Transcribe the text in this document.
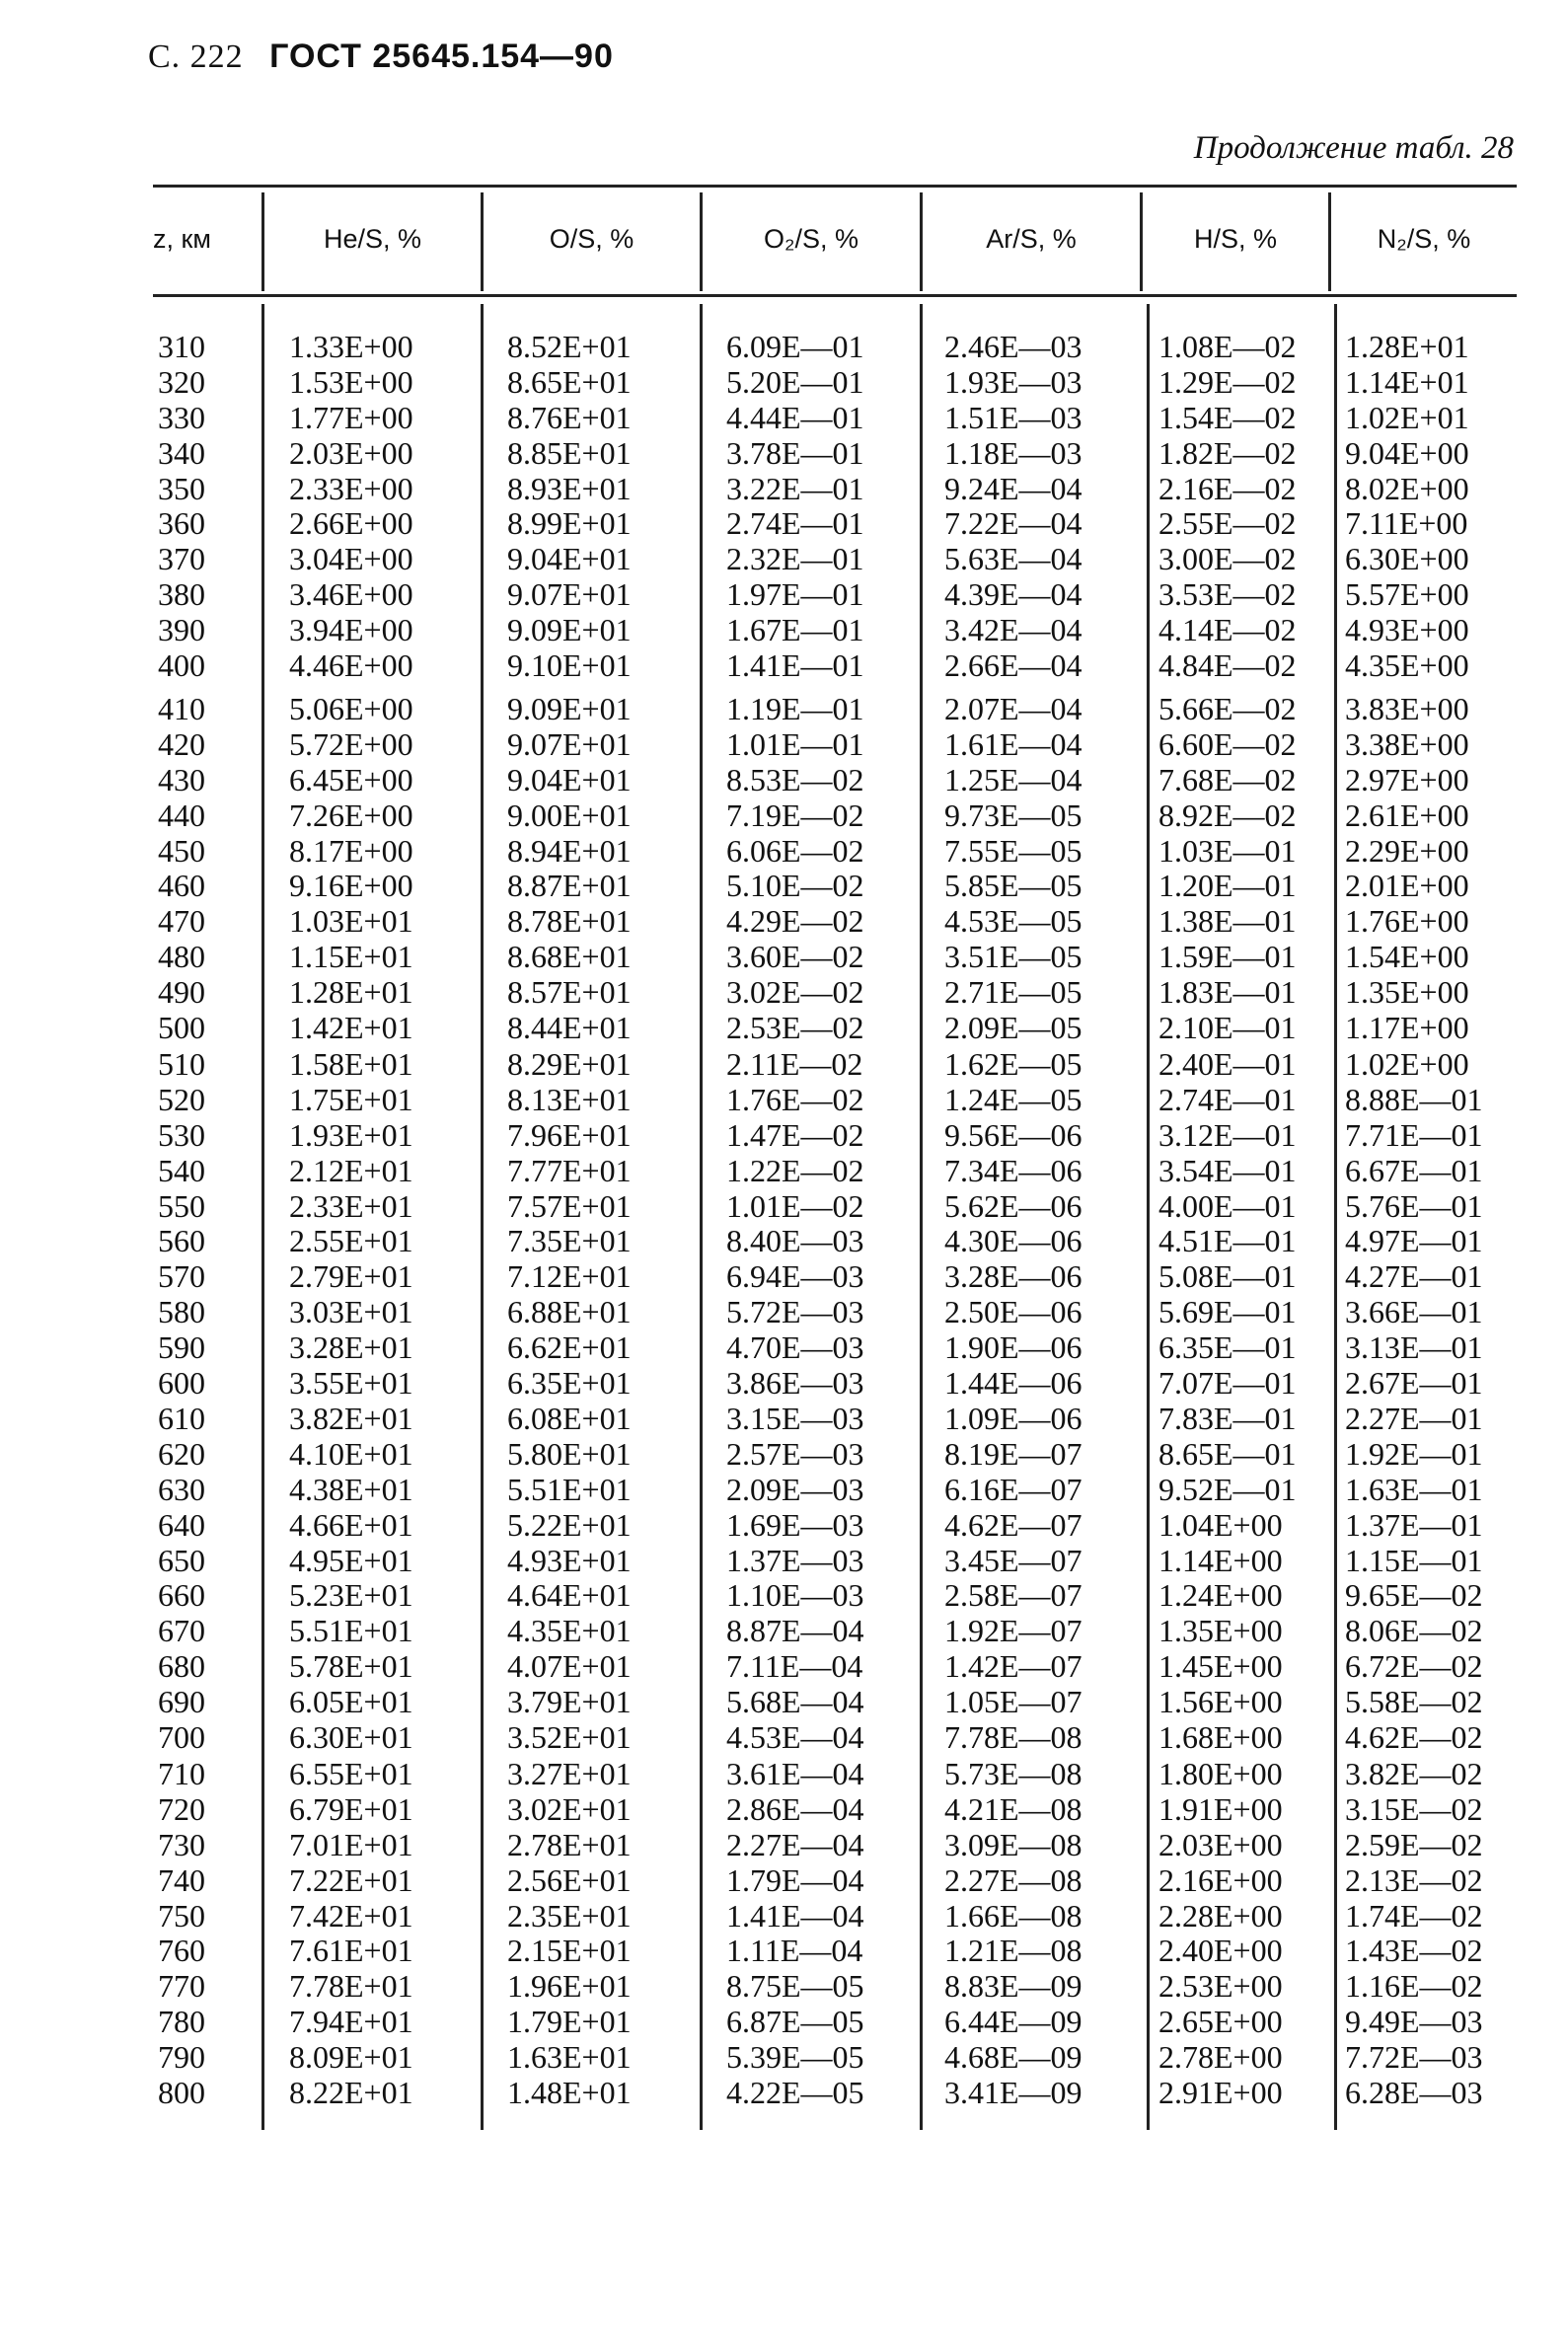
С. 222 ГОСТ 25645.154—90
Продолжение табл. 28
z, км	He/S, %	O/S, %	O₂/S, %	Ar/S, %	H/S, %	N₂/S, %
310	1.33E+00	8.52E+01	6.09E—01	2.46E—03 1.08E—02 1.28E+01
320	1.53E+00	8.65E+01	5.20E—01	1.93E—03 1.29E—02 1.14E+01
330	1.77E+00	8.76E+01	4.44E—01	1.51E—03 1.54E—02 1.02E+01
340	2.03E+00	8.85E+01	3.78E—01	1.18E—03 1.82E—02 9.04E+00
350	2.33E+00	8.93E+01	3.22E—01	9.24E—04 2.16E—02 8.02E+00
360	2.66E+00	8.99E+01	2.74E—01	7.22E—04 2.55E—02 7.11E+00
370	3.04E+00	9.04E+01	2.32E—01	5.63E—04 3.00E—02 6.30E+00
380	3.46E+00	9.07E+01	1.97E—01	4.39E—04 3.53E—02 5.57E+00
390	3.94E+00	9.09E+01	1.67E—01	3.42E—04 4.14E—02 4.93E+00
400	4.46E+00	9.10E+01	1.41E—01	2.66E—04 4.84E—02 4.35E+00
410	5.06E+00	9.09E+01	1.19E—01	2.07E—04 5.66E—02 3.83E+00
420	5.72E+00	9.07E+01	1.01E—01	1.61E—04 6.60E—02 3.38E+00
430	6.45E+00	9.04E+01	8.53E—02	1.25E—04 7.68E—02 2.97E+00
440	7.26E+00	9.00E+01	7.19E—02	9.73E—05 8.92E—02 2.61E+00
450	8.17E+00	8.94E+01	6.06E—02	7.55E—05 1.03E—01 2.29E+00
460	9.16E+00	8.87E+01	5.10E—02	5.85E—05 1.20E—01 2.01E+00
470	1.03E+01	8.78E+01	4.29E—02	4.53E—05 1.38E—01 1.76E+00
480	1.15E+01	8.68E+01	3.60E—02	3.51E—05 1.59E—01 1.54E+00
490	1.28E+01	8.57E+01	3.02E—02	2.71E—05 1.83E—01 1.35E+00
500	1.42E+01	8.44E+01	2.53E—02	2.09E—05 2.10E—01 1.17E+00
510	1.58E+01	8.29E+01	2.11E—02	1.62E—05 2.40E—01 1.02E+00
520	1.75E+01	8.13E+01	1.76E—02	1.24E—05 2.74E—01 8.88E—01
530	1.93E+01	7.96E+01	1.47E—02	9.56E—06 3.12E—01 7.71E—01
540	2.12E+01	7.77E+01	1.22E—02	7.34E—06 3.54E—01 6.67E—01
550	2.33E+01	7.57E+01	1.01E—02	5.62E—06 4.00E—01 5.76E—01
560	2.55E+01	7.35E+01	8.40E—03	4.30E—06 4.51E—01 4.97E—01
570	2.79E+01	7.12E+01	6.94E—03	3.28E—06 5.08E—01 4.27E—01
580	3.03E+01	6.88E+01	5.72E—03	2.50E—06 5.69E—01 3.66E—01
590	3.28E+01	6.62E+01	4.70E—03	1.90E—06 6.35E—01 3.13E—01
600	3.55E+01	6.35E+01	3.86E—03	1.44E—06 7.07E—01 2.67E—01
610	3.82E+01	6.08E+01	3.15E—03	1.09E—06 7.83E—01 2.27E—01
620	4.10E+01	5.80E+01	2.57E—03	8.19E—07 8.65E—01 1.92E—01
630	4.38E+01	5.51E+01	2.09E—03	6.16E—07 9.52E—01 1.63E—01
640	4.66E+01	5.22E+01	1.69E—03	4.62E—07 1.04E+00 1.37E—01
650	4.95E+01	4.93E+01	1.37E—03	3.45E—07 1.14E+00 1.15E—01
660	5.23E+01	4.64E+01	1.10E—03	2.58E—07 1.24E+00 9.65E—02
670	5.51E+01	4.35E+01	8.87E—04	1.92E—07 1.35E+00 8.06E—02
680	5.78E+01	4.07E+01	7.11E—04	1.42E—07 1.45E+00 6.72E—02
690	6.05E+01	3.79E+01	5.68E—04	1.05E—07 1.56E+00 5.58E—02
700	6.30E+01	3.52E+01	4.53E—04	7.78E—08 1.68E+00 4.62E—02
710	6.55E+01	3.27E+01	3.61E—04	5.73E—08 1.80E+00 3.82E—02
720	6.79E+01	3.02E+01	2.86E—04	4.21E—08 1.91E+00 3.15E—02
730	7.01E+01	2.78E+01	2.27E—04	3.09E—08 2.03E+00 2.59E—02
740	7.22E+01	2.56E+01	1.79E—04	2.27E—08 2.16E+00 2.13E—02
750	7.42E+01	2.35E+01	1.41E—04	1.66E—08 2.28E+00 1.74E—02
760	7.61E+01	2.15E+01	1.11E—04	1.21E—08 2.40E+00 1.43E—02
770	7.78E+01	1.96E+01	8.75E—05	8.83E—09 2.53E+00 1.16E—02
780	7.94E+01	1.79E+01	6.87E—05	6.44E—09 2.65E+00 9.49E—03
790	8.09E+01	1.63E+01	5.39E—05	4.68E—09 2.78E+00 7.72E—03
800	8.22E+01	1.48E+01	4.22E—05	3.41E—09 2.91E+00 6.28E—03
